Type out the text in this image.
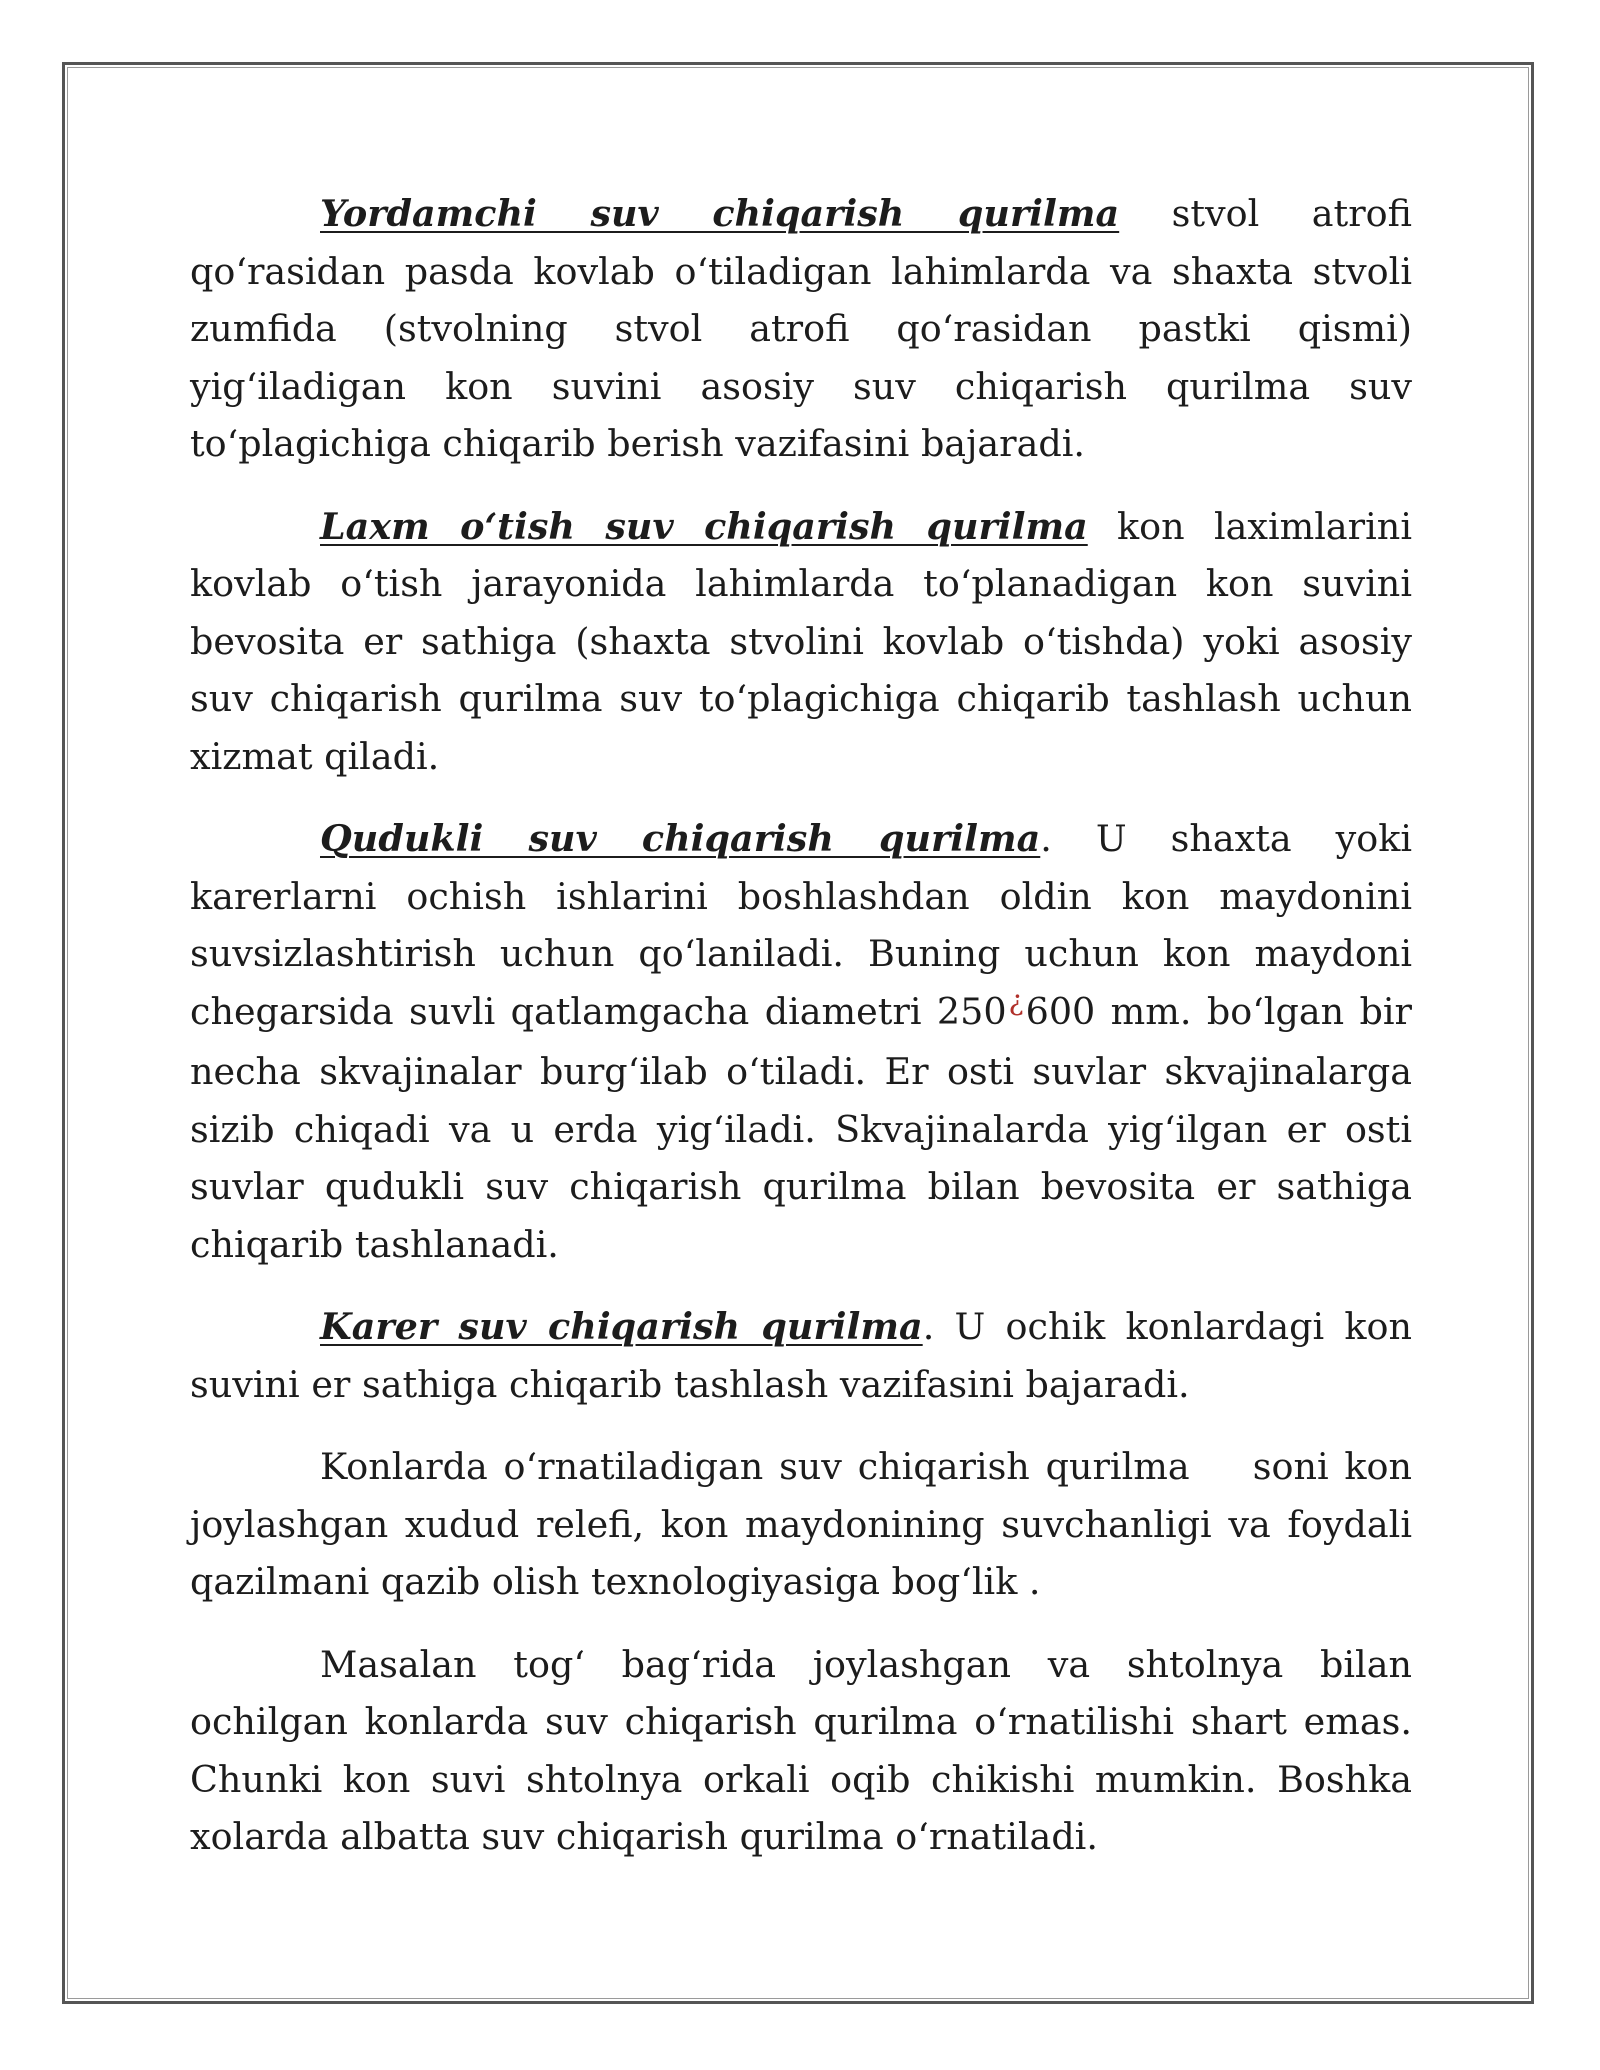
Yordamchi suv chiqarish qurilma stvol atrofi qo‘rasidan pasda kovlab o‘tiladigan lahimlarda va shaxta stvoli zumfida (stvolning stvol atrofi qo‘rasidan pastki qismi) yig‘iladigan kon suvini asosiy suv chiqarish qurilma suv to‘plagichiga chiqarib berish vazifasini bajaradi.

Laxm o‘tish suv chiqarish qurilma kon laximlarini kovlab o‘tish jarayonida lahimlarda to‘planadigan kon suvini bevosita er sathiga (shaxta stvolini kovlab o‘tishda) yoki asosiy suv chiqarish qurilma suv to‘plagichiga chiqarib tashlash uchun xizmat qiladi.

Qudukli suv chiqarish qurilma. U shaxta yoki karerlarni ochish ishlarini boshlashdan oldin kon maydonini suvsizlashtirish uchun qo‘laniladi. Buning uchun kon maydoni chegarsida suvli qatlamgacha diametri 250¿600 mm. bo‘lgan bir necha skvajinalar burg‘ilab o‘tiladi. Er osti suvlar skvajinalarga sizib chiqadi va u erda yig‘iladi. Skvajinalarda yig‘ilgan er osti suvlar qudukli suv chiqarish qurilma bilan bevosita er sathiga chiqarib tashlanadi.

Karer suv chiqarish qurilma. U ochik konlardagi kon suvini er sathiga chiqarib tashlash vazifasini bajaradi.

Konlarda o‘rnatiladigan suv chiqarish qurilma    soni kon joylashgan xudud relefi, kon maydonining suvchanligi va foydali qazilmani qazib olish texnologiyasiga bog‘lik .

Masalan tog‘ bag‘rida joylashgan va shtolnya bilan ochilgan konlarda suv chiqarish qurilma o‘rnatilishi shart emas. Chunki kon suvi shtolnya orkali oqib chikishi mumkin. Boshka xolarda albatta suv chiqarish qurilma o‘rnatiladi.
